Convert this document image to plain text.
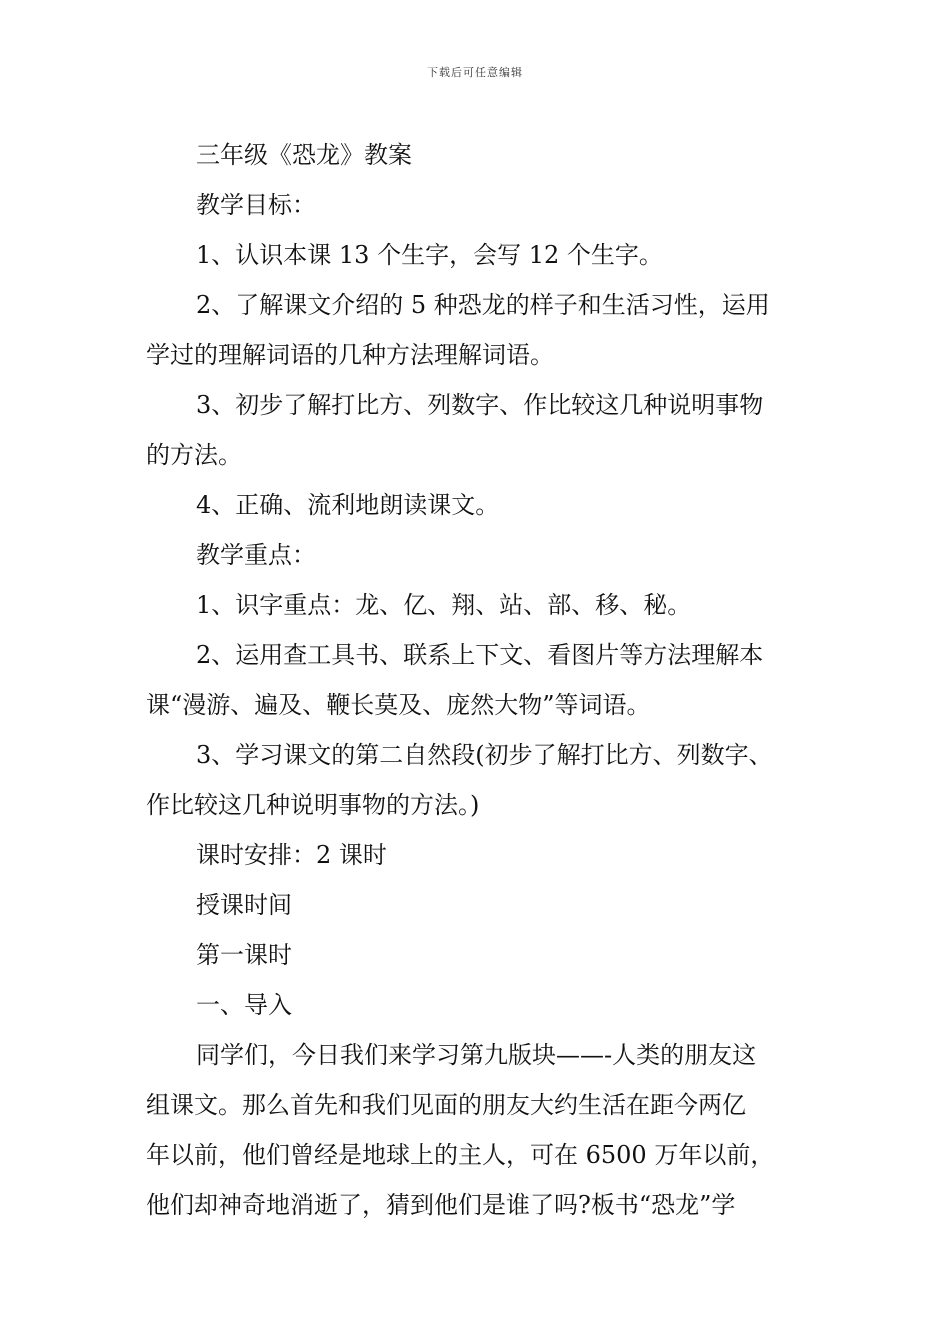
下载后可任意编辑

三年级《恐龙》教案

教学目标：

1、认识本课 13 个生字，会写 12 个生字。

2、了解课文介绍的 5 种恐龙的样子和生活习性，运用

学过的理解词语的几种方法理解词语。

3、初步了解打比方、列数字、作比较这几种说明事物

的方法。

4、正确、流利地朗读课文。

教学重点：

1、识字重点：龙、亿、翔、站、部、移、秘。

2、运用查工具书、联系上下文、看图片等方法理解本

课“漫游、遍及、鞭长莫及、庞然大物”等词语。

3、学习课文的第二自然段(初步了解打比方、列数字、

作比较这几种说明事物的方法。)

课时安排：2 课时

授课时间

第一课时

一、导入

同学们，今日我们来学习第九版块——-人类的朋友这

组课文。那么首先和我们见面的朋友大约生活在距今两亿

年以前，他们曾经是地球上的主人，可在 6500 万年以前，

他们却神奇地消逝了，猜到他们是谁了吗?板书“恐龙”学
